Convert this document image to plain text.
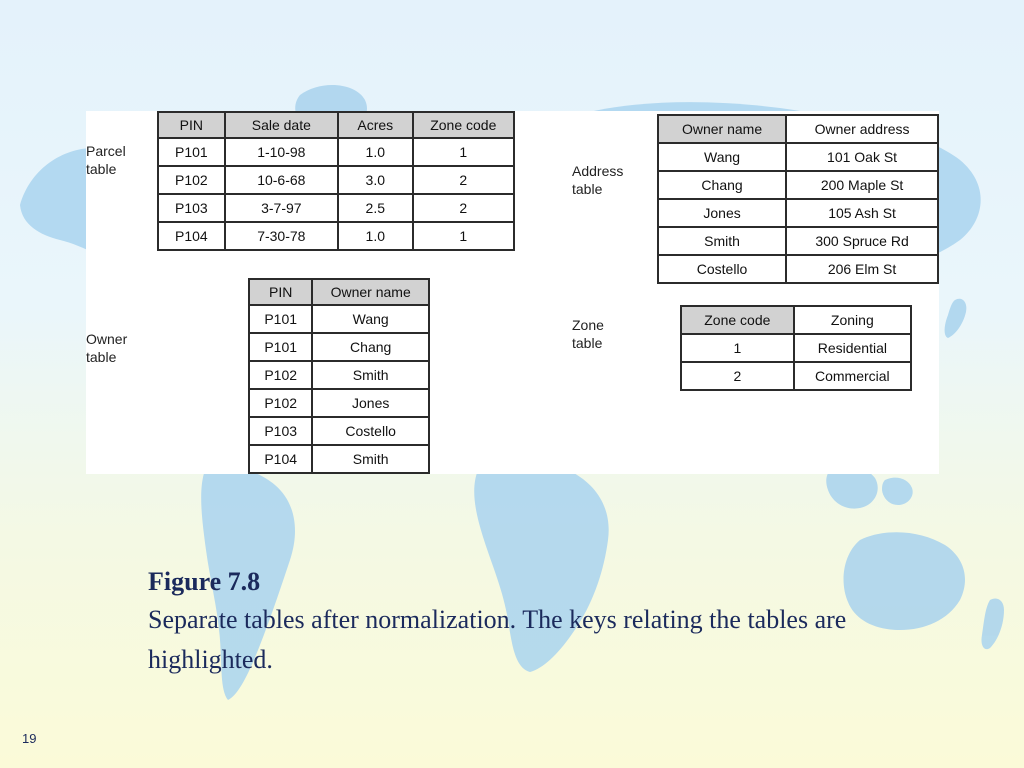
Parcel
table
PIN	Sale date	Acres	Zone code
P101	1-10-98	1.0	1
P102	10-6-68	3.0	2
P103	3-7-97	2.5	2
P104	7-30-78	1.0	1
Owner
table
PIN	Owner name
P101	Wang
P101	Chang
P102	Smith
P102	Jones
P103	Costello
P104	Smith
Address
table
Owner name	Owner address
Wang	101 Oak St
Chang	200 Maple St
Jones	105 Ash St
Smith	300 Spruce Rd
Costello	206 Elm St
Zone
table
Zone code	Zoning
1	Residential
2	Commercial
Figure 7.8
Separate tables after normalization. The keys relating the tables are highlighted.
19
